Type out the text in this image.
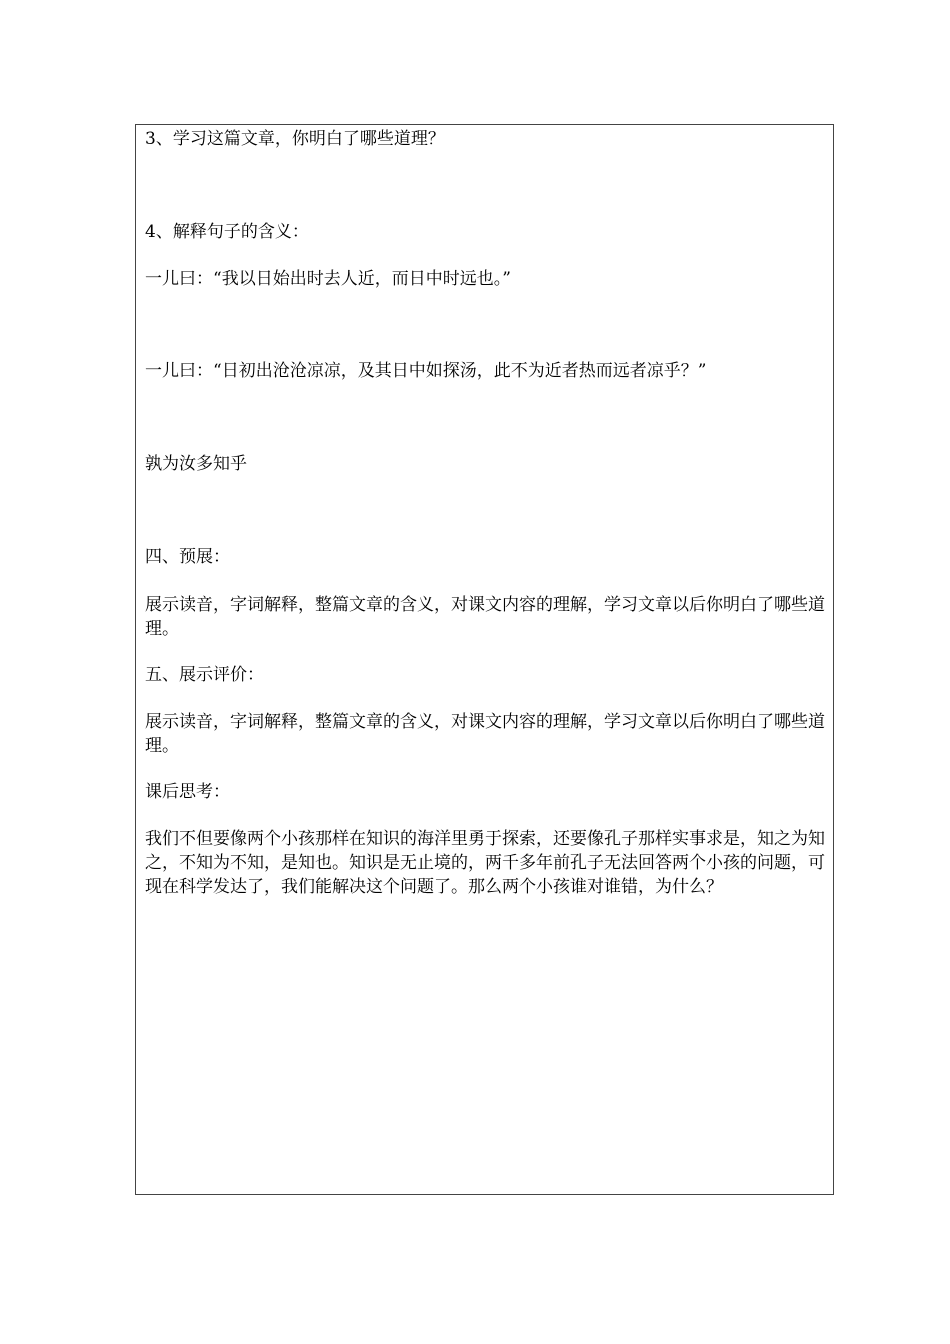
3、学习这篇文章，你明白了哪些道理？
4、解释句子的含义：
一儿曰：“我以日始出时去人近，而日中时远也。”
一儿曰：“日初出沧沧凉凉，及其日中如探汤，此不为近者热而远者凉乎？”
孰为汝多知乎
四、预展：
展示读音，字词解释，整篇文章的含义，对课文内容的理解，学习文章以后你明白了哪些道理。
五、展示评价：
展示读音，字词解释，整篇文章的含义，对课文内容的理解，学习文章以后你明白了哪些道理。
课后思考：
我们不但要像两个小孩那样在知识的海洋里勇于探索，还要像孔子那样实事求是，知之为知之，不知为不知，是知也。知识是无止境的，两千多年前孔子无法回答两个小孩的问题，可现在科学发达了，我们能解决这个问题了。那么两个小孩谁对谁错，为什么？
